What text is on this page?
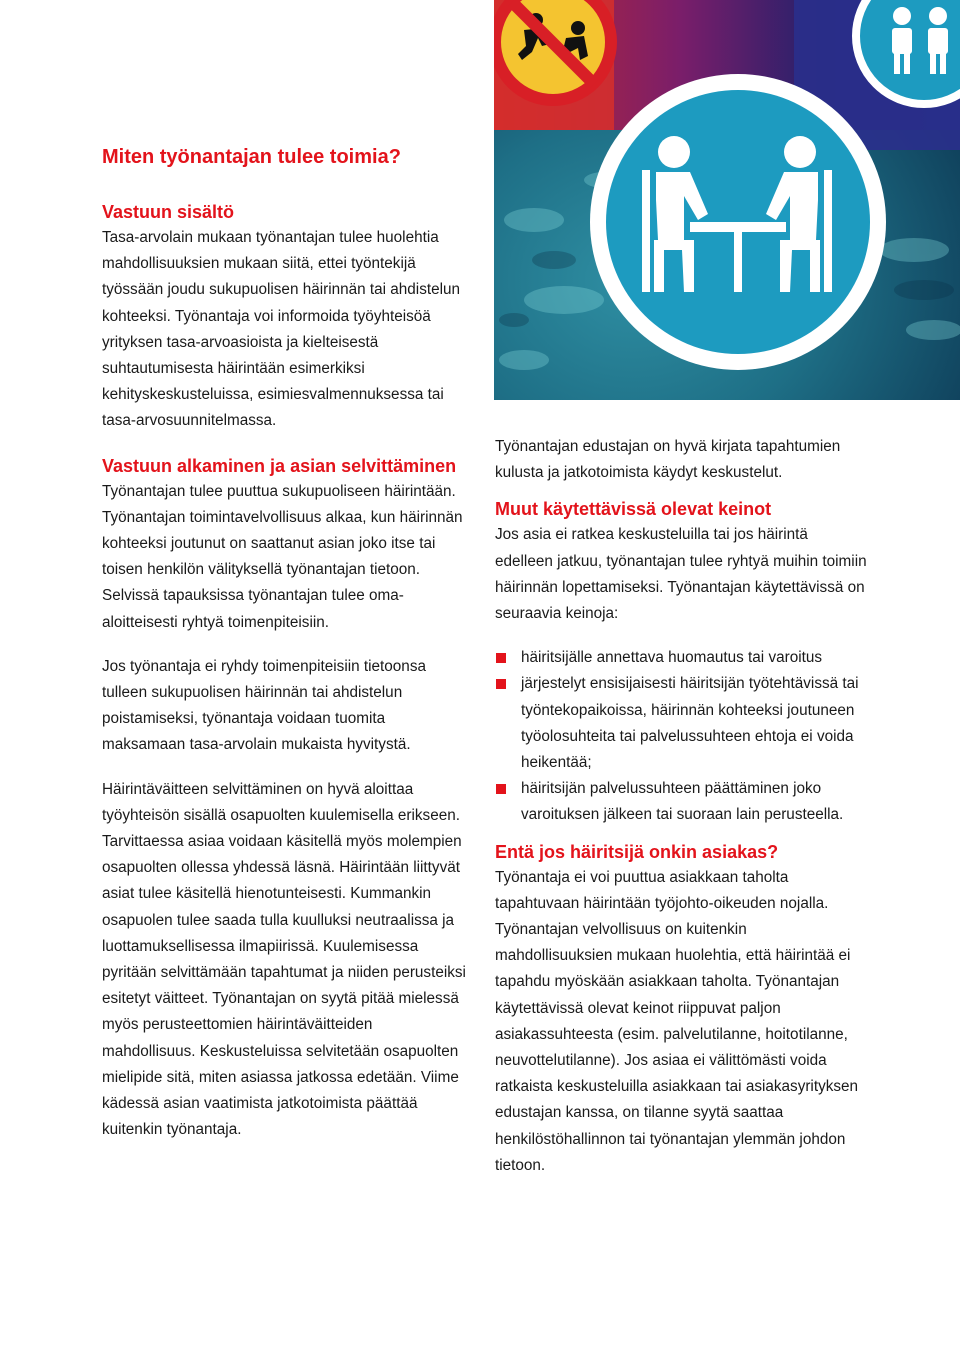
Miten työnantajan tulee toimia?
Vastuun sisältö

Tasa-arvolain mukaan työnantajan tulee huolehtia mahdollisuuksien mukaan siitä, ettei työntekijä työssään joudu sukupuolisen häirinnän tai ahdistelun kohteeksi. Työnantaja voi informoida työyhteisöä yrityksen tasa-arvoasioista ja kielteisestä suhtautumisesta häirintään esimerkiksi kehityskeskusteluissa, esimiesvalmennuksessa tai tasa-arvosuunnitelmassa.

Vastuun alkaminen ja asian selvittäminen

Työnantajan tulee puuttua sukupuoliseen häirintään. Työnantajan toimintavelvollisuus alkaa, kun häirinnän kohteeksi joutunut on saattanut asian joko itse tai toisen henkilön välityksellä työnantajan tietoon. Selvissä tapauksissa työnantajan tulee oma-aloitteisesti ryhtyä toimenpiteisiin.

Jos työnantaja ei ryhdy toimenpiteisiin tietoonsa tulleen sukupuolisen häirinnän tai ahdistelun poistamiseksi, työnantaja voidaan tuomita maksamaan tasa-arvolain mukaista hyvitystä.

Häirintäväitteen selvittäminen on hyvä aloittaa työyhteisön sisällä osapuolten kuulemisella erikseen. Tarvittaessa asiaa voidaan käsitellä myös molempien osapuolten ollessa yhdessä läsnä. Häirintään liittyvät asiat tulee käsitellä hienotunteisesti. Kummankin osapuolen tulee saada tulla kuulluksi neutraalissa ja luottamuksellisessa ilmapiirissä. Kuulemisessa pyritään selvittämään tapahtumat ja niiden perusteiksi esitetyt väitteet. Työnantajan on syytä pitää mielessä myös perusteettomien häirintäväitteiden mahdollisuus. Keskusteluissa selvitetään osapuolten mielipide sitä, miten asiassa jatkossa edetään. Viime kädessä asian vaatimista jatkotoimista päättää kuitenkin työnantaja.

Työnantajan edustajan on hyvä kirjata tapahtumien kulusta ja jatkotoimista käydyt keskustelut.

Muut käytettävissä olevat keinot

Jos asia ei ratkea keskusteluilla tai jos häirintä edelleen jatkuu, työnantajan tulee ryhtyä muihin toimiin häirinnän lopettamiseksi. Työnantajan käytettävissä on seuraavia keinoja:

häiritsijälle annettava huomautus tai varoitus
järjestelyt ensisijaisesti häiritsijän työtehtävissä tai työntekopaikoissa, häirinnän kohteeksi joutuneen työolosuhteita tai palvelussuhteen ehtoja ei voida heikentää;
häiritsijän palvelussuhteen päättäminen joko varoituksen jälkeen tai suoraan lain perusteella.
Entä jos häiritsijä onkin asiakas?

Työnantaja ei voi puuttua asiakkaan taholta tapahtuvaan häirintään työjohto-oikeuden nojalla. Työnantajan velvollisuus on kuitenkin mahdollisuuksien mukaan huolehtia, että häirintää ei tapahdu myöskään asiakkaan taholta. Työnantajan käytettävissä olevat keinot riippuvat paljon asiakassuhteesta (esim. palvelutilanne, hoitotilanne, neuvottelutilanne). Jos asiaa ei välittömästi voida ratkaista keskusteluilla asiakkaan tai asiakasyrityksen edustajan kanssa, on tilanne syytä saattaa henkilöstöhallinnon tai työnantajan ylemmän johdon tietoon.
